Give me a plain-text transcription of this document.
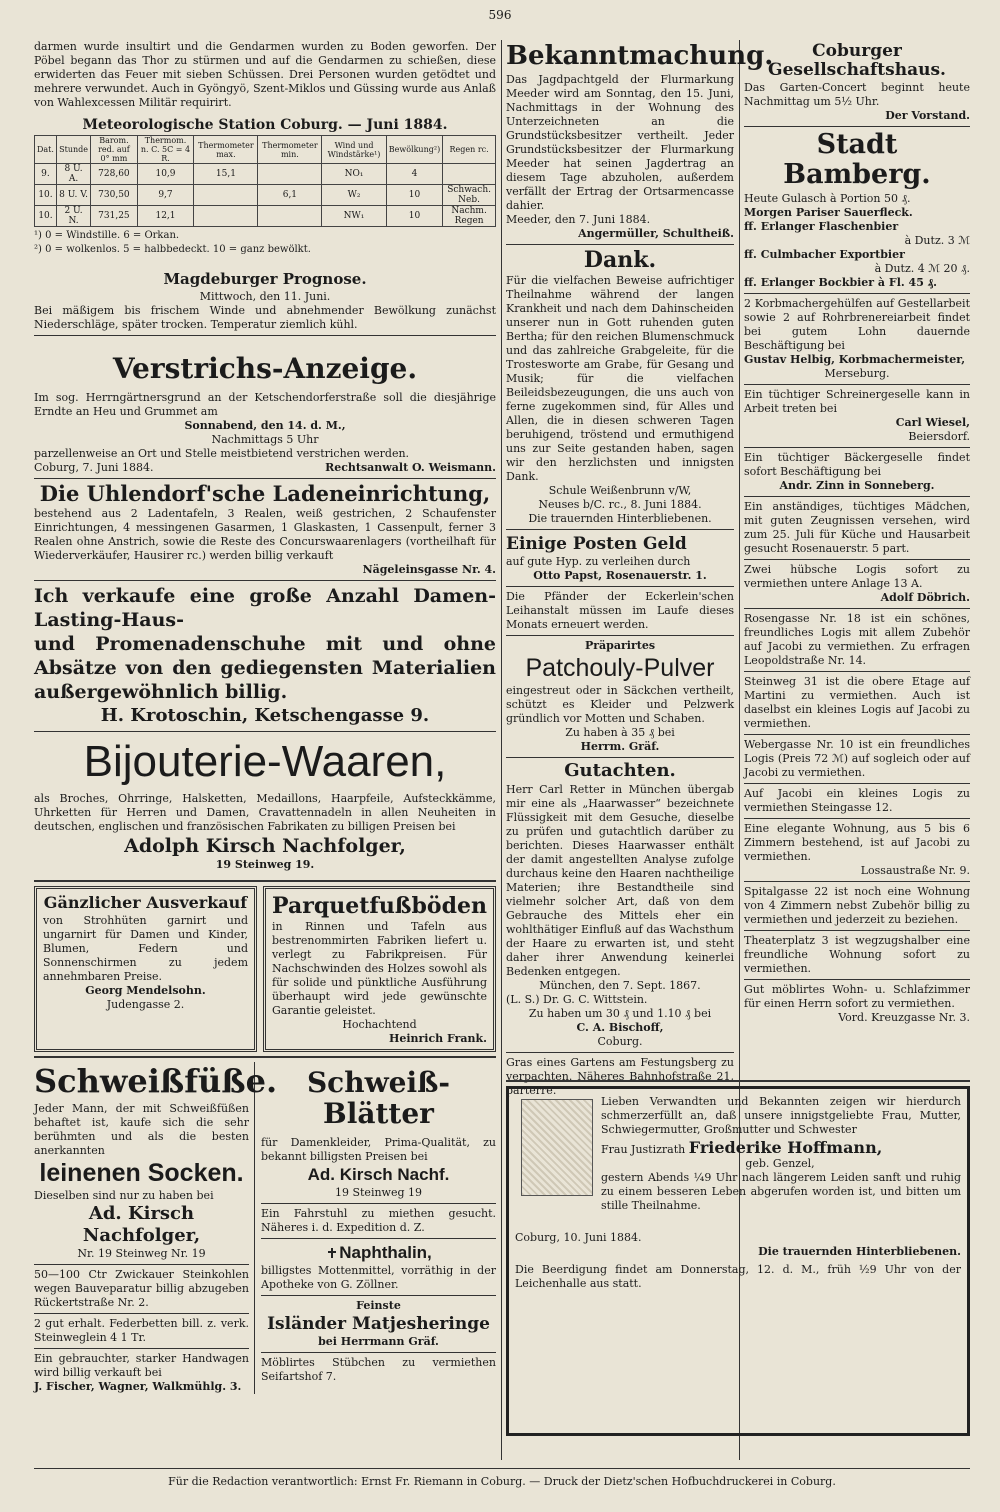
596

darmen wurde insultirt und die Gendarmen wurden zu Boden geworfen. Der Pöbel begann das Thor zu stürmen und auf die Gendarmen zu schießen, diese erwiderten das Feuer mit sieben Schüssen. Drei Personen wurden getödtet und mehrere verwundet. Auch in Gyöngyö, Szent-Miklos und Güssing wurde aus Anlaß von Wahlexcessen Militär requirirt.

Meteorologische Station Coburg. — Juni 1884.
Dat.	Stunde	Barom. red. auf 0° mm	Thermom. n. C. 5C = 4 R.	Thermometer max.	Thermometer min.	Wind und Windstärke¹)	Bewölkung²)	Regen rc.
9.	8 U. A.	728,60	10,9	15,1		NO₁	4	
10.	8 U. V.	730,50	9,7		6,1	W₂	10	Schwach. Neb.
10.	2 U. N.	731,25	12,1			NW₁	10	Nachm. Regen

¹) 0 = Windstille. 6 = Orkan.

²) 0 = wolkenlos. 5 = halbbedeckt. 10 = ganz bewölkt.

Magdeburger Prognose.

Mittwoch, den 11. Juni.

Bei mäßigem bis frischem Winde und abnehmender Bewölkung zunächst Niederschläge, später trocken. Temperatur ziemlich kühl.

Verstrichs-Anzeige.

Im sog. Herrngärtnersgrund an der Ketschendorferstraße soll die diesjährige Erndte an Heu und Grummet am

Sonnabend, den 14. d. M.,

Nachmittags 5 Uhr

parzellenweise an Ort und Stelle meistbietend verstrichen werden.

Coburg, 7. Juni 1884.	Rechtsanwalt O. Weismann.

Die Uhlendorf'sche Ladeneinrichtung,

bestehend aus 2 Ladentafeln, 3 Realen, weiß gestrichen, 2 Schaufenster Einrichtungen, 4 messingenen Gasarmen, 1 Glaskasten, 1 Cassenpult, ferner 3 Realen ohne Anstrich, sowie die Reste des Concurswaarenlagers (vortheilhaft für Wiederverkäufer, Hausirer rc.) werden billig verkauft

Nägeleinsgasse Nr. 4.

Ich verkaufe eine große Anzahl Damen-Lasting-Haus-

und Promenadenschuhe mit und ohne Absätze von den gediegensten Materialien außergewöhnlich billig.

H. Krotoschin, Ketschengasse 9.

Bijouterie-Waaren,

als Broches, Ohrringe, Halsketten, Medaillons, Haarpfeile, Aufsteckkämme, Uhrketten für Herren und Damen, Cravattennadeln in allen Neuheiten in deutschen, englischen und französischen Fabrikaten zu billigen Preisen bei

Adolph Kirsch Nachfolger,

19 Steinweg 19.

Gänzlicher Ausverkauf

von Strohhüten garnirt und ungarnirt für Damen und Kinder, Blumen, Federn und Sonnenschirmen zu jedem annehmbaren Preise.

Georg Mendelsohn.

Judengasse 2.

Parquetfußböden

in Rinnen und Tafeln aus bestrenommirten Fabriken liefert u. verlegt zu Fabrikpreisen. Für Nachschwinden des Holzes sowohl als für solide und pünktliche Ausführung überhaupt wird jede gewünschte Garantie geleistet.

Hochachtend

Heinrich Frank.

Schweißfüße.

Jeder Mann, der mit Schweißfüßen behaftet ist, kaufe sich die sehr berühmten und als die besten anerkannten

leinenen Socken.

Dieselben sind nur zu haben bei

Ad. Kirsch Nachfolger,

Nr. 19 Steinweg Nr. 19

50—100 Ctr Zwickauer Steinkohlen wegen Bauveparatur billig abzugeben Rückertstraße Nr. 2.

2 gut erhalt. Federbetten bill. z. verk. Steinweglein 4 1 Tr.

Ein gebrauchter, starker Handwagen wird billig verkauft bei

J. Fischer, Wagner, Walkmühlg. 3.

Schweiß-Blätter

für Damenkleider, Prima-Qualität, zu bekannt billigsten Preisen bei

Ad. Kirsch Nachf.

19 Steinweg 19

Ein Fahrstuhl zu miethen gesucht. Näheres i. d. Expedition d. Z.

Naphthalin,

billigstes Mottenmittel, vorräthig in der Apotheke von G. Zöllner.

Feinste

Isländer Matjesheringe

bei Herrmann Gräf.

Möblirtes Stübchen zu vermiethen Seifartshof 7.

Bekanntmachung.

Das Jagdpachtgeld der Flurmarkung Meeder wird am Sonntag, den 15. Juni, Nachmittags in der Wohnung des Unterzeichneten an die Grundstücksbesitzer vertheilt. Jeder Grundstücksbesitzer der Flurmarkung Meeder hat seinen Jagdertrag an diesem Tage abzuholen, außerdem verfällt der Ertrag der Ortsarmencasse dahier.

Meeder, den 7. Juni 1884.

Angermüller, Schultheiß.

Dank.

Für die vielfachen Beweise aufrichtiger Theilnahme während der langen Krankheit und nach dem Dahinscheiden unserer nun in Gott ruhenden guten Bertha; für den reichen Blumenschmuck und das zahlreiche Grabgeleite, für die Trostesworte am Grabe, für Gesang und Musik; für die vielfachen Beileidsbezeugungen, die uns auch von ferne zugekommen sind, für Alles und Allen, die in diesen schweren Tagen beruhigend, tröstend und ermuthigend uns zur Seite gestanden haben, sagen wir den herzlichsten und innigsten Dank.

Schule Weißenbrunn v/W,

Neuses b/C. rc., 8. Juni 1884.

Die trauernden Hinterbliebenen.

Einige Posten Geld

auf gute Hyp. zu verleihen durch

Otto Papst, Rosenauerstr. 1.

Die Pfänder der Eckerlein'schen Leihanstalt müssen im Laufe dieses Monats erneuert werden.

Präparirtes

Patchouly-Pulver

eingestreut oder in Säckchen vertheilt, schützt es Kleider und Pelzwerk gründlich vor Motten und Schaben.

Zu haben à 35 ₰ bei

Herrm. Gräf.

Gutachten.

Herr Carl Retter in München übergab mir eine als „Haarwasser“ bezeichnete Flüssigkeit mit dem Gesuche, dieselbe zu prüfen und gutachtlich darüber zu berichten. Dieses Haarwasser enthält der damit angestellten Analyse zufolge durchaus keine den Haaren nachtheilige Materien; ihre Bestandtheile sind vielmehr solcher Art, daß von dem Gebrauche des Mittels eher ein wohlthätiger Einfluß auf das Wachsthum der Haare zu erwarten ist, und steht daher ihrer Anwendung keinerlei Bedenken entgegen.

München, den 7. Sept. 1867.

(L. S.) Dr. G. C. Wittstein.

Zu haben um 30 ₰ und 1.10 ₰ bei

C. A. Bischoff,

Coburg.

Gras eines Gartens am Festungsberg zu verpachten. Näheres Bahnhofstraße 21, parterre.

Coburger Gesellschaftshaus.

Das Garten-Concert beginnt heute Nachmittag um 5½ Uhr.

Der Vorstand.

Stadt Bamberg.

Heute Gulasch à Portion 50 ₰.

Morgen Pariser Sauerfleck.

ff. Erlanger Flaschenbier

à Dutz. 3 ℳ

ff. Culmbacher Exportbier

à Dutz. 4 ℳ 20 ₰.

ff. Erlanger Bockbier à Fl. 45 ₰.

2 Korbmachergehülfen auf Gestellarbeit sowie 2 auf Rohrbrenereiarbeit findet bei gutem Lohn dauernde Beschäftigung bei

Gustav Helbig, Korbmachermeister,

Merseburg.

Ein tüchtiger Schreinergeselle kann in Arbeit treten bei

Carl Wiesel,

Beiersdorf.

Ein tüchtiger Bäckergeselle findet sofort Beschäftigung bei

Andr. Zinn in Sonneberg.

Ein anständiges, tüchtiges Mädchen, mit guten Zeugnissen versehen, wird zum 25. Juli für Küche und Hausarbeit gesucht Rosenauerstr. 5 part.

Zwei hübsche Logis sofort zu vermiethen untere Anlage 13 A.

Adolf Döbrich.

Rosengasse Nr. 18 ist ein schönes, freundliches Logis mit allem Zubehör auf Jacobi zu vermiethen. Zu erfragen Leopoldstraße Nr. 14.

Steinweg 31 ist die obere Etage auf Martini zu vermiethen. Auch ist daselbst ein kleines Logis auf Jacobi zu vermiethen.

Webergasse Nr. 10 ist ein freundliches Logis (Preis 72 ℳ) auf sogleich oder auf Jacobi zu vermiethen.

Auf Jacobi ein kleines Logis zu vermiethen Steingasse 12.

Eine elegante Wohnung, aus 5 bis 6 Zimmern bestehend, ist auf Jacobi zu vermiethen.

Lossaustraße Nr. 9.

Spitalgasse 22 ist noch eine Wohnung von 4 Zimmern nebst Zubehör billig zu vermiethen und jederzeit zu beziehen.

Theaterplatz 3 ist wegzugshalber eine freundliche Wohnung sofort zu vermiethen.

Gut möblirtes Wohn- u. Schlafzimmer für einen Herrn sofort zu vermiethen.

Vord. Kreuzgasse Nr. 3.

Lieben Verwandten und Bekannten zeigen wir hierdurch schmerzerfüllt an, daß unsere innigstgeliebte Frau, Mutter, Schwiegermutter, Großmutter und Schwester

Frau Justizrath Friederike Hoffmann,

geb. Genzel,

gestern Abends ¼9 Uhr nach längerem Leiden sanft und ruhig zu einem besseren Leben abgerufen worden ist, und bitten um stille Theilnahme.

Coburg, 10. Juni 1884.

Die trauernden Hinterbliebenen.

Die Beerdigung findet am Donnerstag, 12. d. M., früh ½9 Uhr von der Leichenhalle aus statt.

Für die Redaction verantwortlich: Ernst Fr. Riemann in Coburg. — Druck der Dietz'schen Hofbuchdruckerei in Coburg.
